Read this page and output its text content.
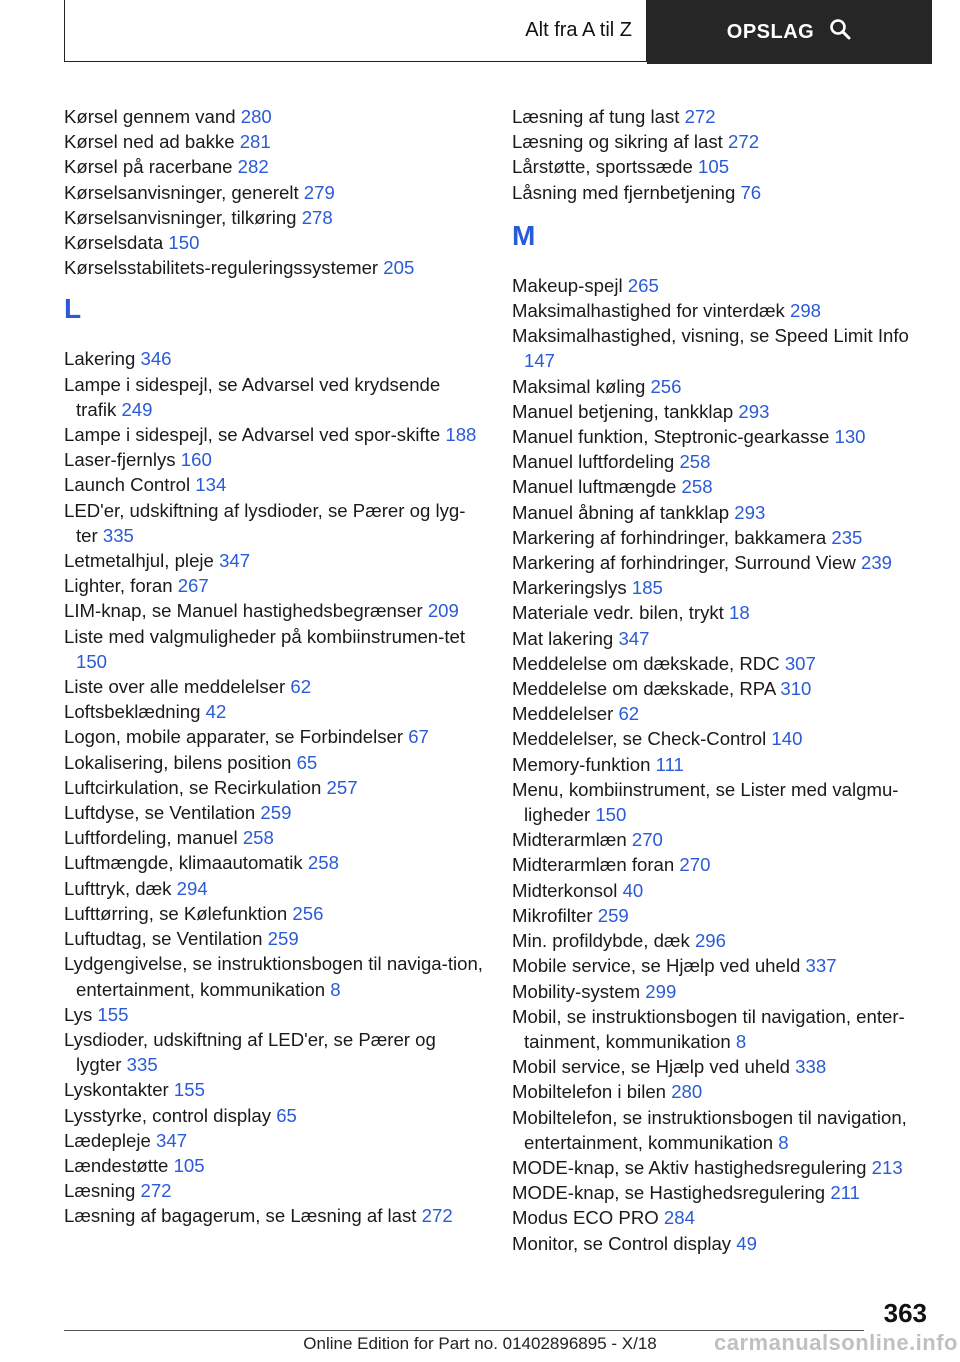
Alt fra A til Z	OPSLAG
Kørsel gennem vand 280
Kørsel ned ad bakke 281
Kørsel på racerbane 282
Kørselsanvisninger, generelt 279
Kørselsanvisninger, tilkøring 278
Kørselsdata 150
Kørselsstabilitets-reguleringssystemer 205
L
Lakering 346
Lampe i sidespejl, se Advarsel ved krydsende trafik 249
Lampe i sidespejl, se Advarsel ved spor-skifte 188
Laser-fjernlys 160
Launch Control 134
LED'er, udskiftning af lysdioder, se Pærer og lyg-ter 335
Letmetalhjul, pleje 347
Lighter, foran 267
LIM-knap, se Manuel hastighedsbegrænser 209
Liste med valgmuligheder på kombiinstrumen-tet 150
Liste over alle meddelelser 62
Loftsbeklædning 42
Logon, mobile apparater, se Forbindelser 67
Lokalisering, bilens position 65
Luftcirkulation, se Recirkulation 257
Luftdyse, se Ventilation 259
Luftfordeling, manuel 258
Luftmængde, klimaautomatik 258
Lufttryk, dæk 294
Lufttørring, se Kølefunktion 256
Luftudtag, se Ventilation 259
Lydgengivelse, se instruktionsbogen til naviga-tion, entertainment, kommunikation 8
Lys 155
Lysdioder, udskiftning af LED'er, se Pærer og lygter 335
Lyskontakter 155
Lysstyrke, control display 65
Lædepleje 347
Lændestøtte 105
Læsning 272
Læsning af bagagerum, se Læsning af last 272
Læsning af tung last 272
Læsning og sikring af last 272
Lårstøtte, sportssæde 105
Låsning med fjernbetjening 76
M
Makeup-spejl 265
Maksimalhastighed for vinterdæk 298
Maksimalhastighed, visning, se Speed Limit Info 147
Maksimal køling 256
Manuel betjening, tankklap 293
Manuel funktion, Steptronic-gearkasse 130
Manuel luftfordeling 258
Manuel luftmængde 258
Manuel åbning af tankklap 293
Markering af forhindringer, bakkamera 235
Markering af forhindringer, Surround View 239
Markeringslys 185
Materiale vedr. bilen, trykt 18
Mat lakering 347
Meddelelse om dækskade, RDC 307
Meddelelse om dækskade, RPA 310
Meddelelser 62
Meddelelser, se Check-Control 140
Memory-funktion 111
Menu, kombiinstrument, se Lister med valgmu-ligheder 150
Midterarmlæn 270
Midterarmlæn foran 270
Midterkonsol 40
Mikrofilter 259
Min. profildybde, dæk 296
Mobile service, se Hjælp ved uheld 337
Mobility-system 299
Mobil, se instruktionsbogen til navigation, enter-tainment, kommunikation 8
Mobil service, se Hjælp ved uheld 338
Mobiltelefon i bilen 280
Mobiltelefon, se instruktionsbogen til navigation, entertainment, kommunikation 8
MODE-knap, se Aktiv hastighedsregulering 213
MODE-knap, se Hastighedsregulering 211
Modus ECO PRO 284
Monitor, se Control display 49
363
Online Edition for Part no. 01402896895 - X/18	carmanualsonline.info
